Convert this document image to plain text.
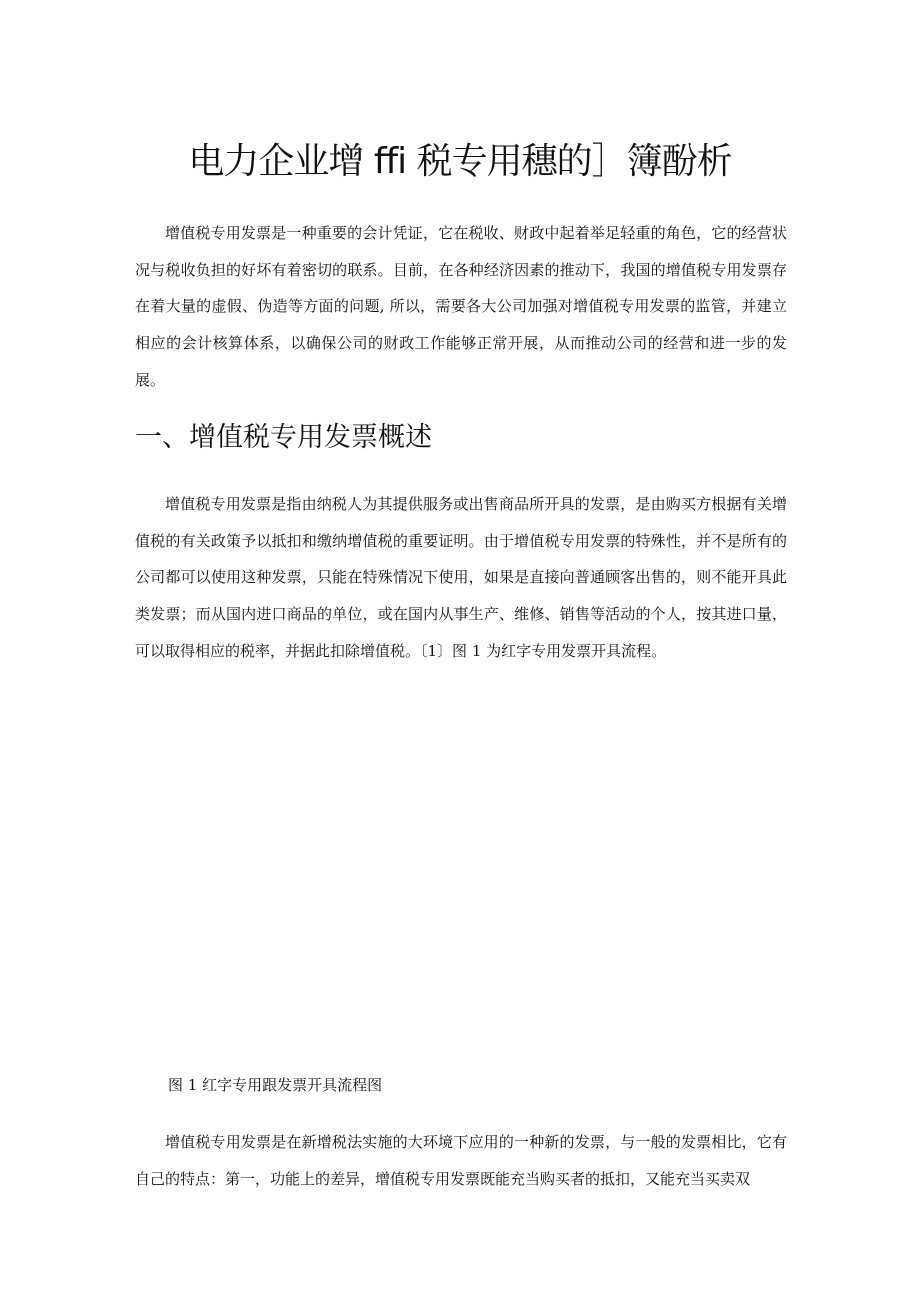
电力企业增 ffi 税专用穗的］簿酚析

增值税专用发票是一种重要的会计凭证，它在税收、财政中起着举足轻重的角色，它的经营状况与税收负担的好坏有着密切的联系。目前，在各种经济因素的推动下，我国的增值税专用发票存在着大量的虚假、伪造等方面的问题, 所以，需要各大公司加强对增值税专用发票的监管，并建立相应的会计核算体系，以确保公司的财政工作能够正常开展，从而推动公司的经营和进一步的发展。

一、增值税专用发票概述

增值税专用发票是指由纳税人为其提供服务或出售商品所开具的发票，是由购买方根据有关增值税的有关政策予以抵扣和缴纳增值税的重要证明。由于增值税专用发票的特殊性，并不是所有的公司都可以使用这种发票，只能在特殊情况下使用，如果是直接向普通顾客出售的，则不能开具此类发票；而从国内进口商品的单位，或在国内从事生产、维修、销售等活动的个人，按其进口量，可以取得相应的税率，并据此扣除增值税。〔1〕图 1 为红字专用发票开具流程。

图 1 红字专用跟发票开具流程图

增值税专用发票是在新增税法实施的大环境下应用的一种新的发票，与一般的发票相比，它有自己的特点：第一，功能上的差异，增值税专用发票既能充当购买者的抵扣，又能充当买卖双
